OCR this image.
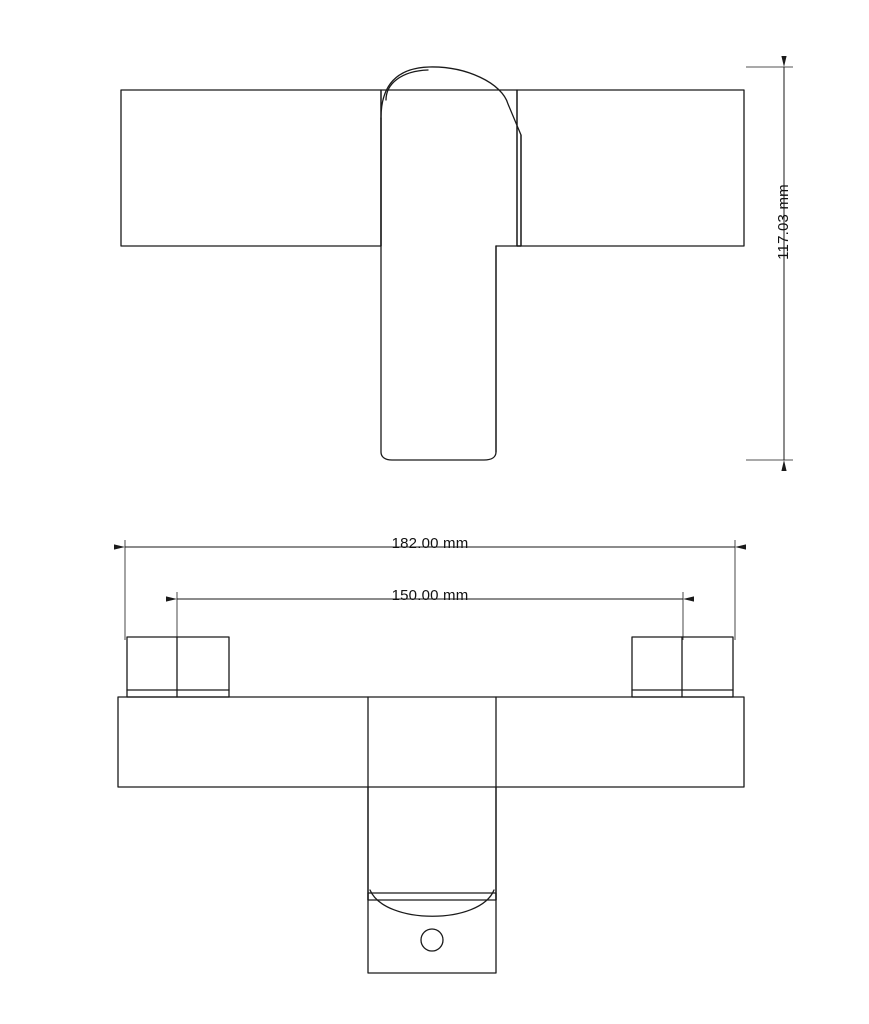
117.03 mm
182.00 mm
150.00 mm
